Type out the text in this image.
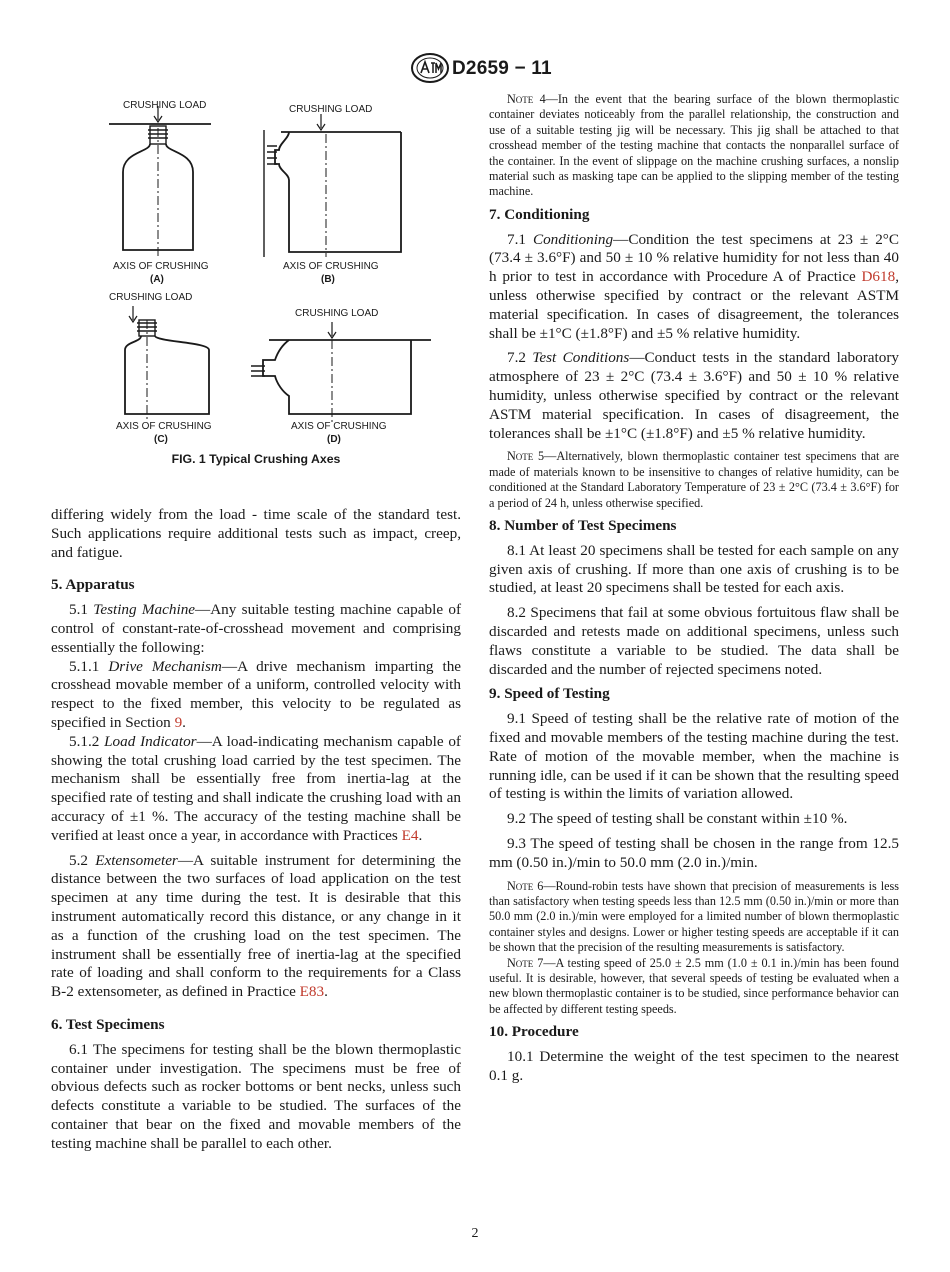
D2659 − 11
CRUSHING LOAD	CRUSHING LOAD
CRUSHING LOAD
CRUSHING LOAD
AXIS OF CRUSHING
(A)
AXIS OF CRUSHING
(B)
AXIS OF CRUSHING
(C)
AXIS OF CRUSHING
(D)
FIG. 1 Typical Crushing Axes

differing widely from the load - time scale of the standard test. Such applications require additional tests such as impact, creep, and fatigue.

5. Apparatus

5.1 Testing Machine—Any suitable testing machine capable of control of constant-rate-of-crosshead movement and comprising essentially the following:

5.1.1 Drive Mechanism—A drive mechanism imparting the crosshead movable member of a uniform, controlled velocity with respect to the fixed member, this velocity to be regulated as specified in Section 9.

5.1.2 Load Indicator—A load-indicating mechanism capable of showing the total crushing load carried by the test specimen. The mechanism shall be essentially free from inertia-lag at the specified rate of testing and shall indicate the crushing load with an accuracy of ±1 %. The accuracy of the testing machine shall be verified at least once a year, in accordance with Practices E4.

5.2 Extensometer—A suitable instrument for determining the distance between the two surfaces of load application on the test specimen at any time during the test. It is desirable that this instrument automatically record this distance, or any change in it as a function of the crushing load on the test specimen. The instrument shall be essentially free of inertia-lag at the specified rate of loading and shall conform to the requirements for a Class B-2 extensometer, as defined in Practice E83.

6. Test Specimens

6.1 The specimens for testing shall be the blown thermoplastic container under investigation. The specimens must be free of obvious defects such as rocker bottoms or bent necks, unless such defects constitute a variable to be studied. The surfaces of the container that bear on the fixed and movable members of the testing machine shall be parallel to each other.

Note 4—In the event that the bearing surface of the blown thermoplastic container deviates noticeably from the parallel relationship, the construction and use of a suitable testing jig will be necessary. This jig shall be attached to that crosshead member of the testing machine that contacts the nonparallel surface of the container. In the event of slippage on the machine crushing surfaces, a nonslip material such as masking tape can be applied to the slipping member of the testing machine.

7. Conditioning

7.1 Conditioning—Condition the test specimens at 23 ± 2°C (73.4 ± 3.6°F) and 50 ± 10 % relative humidity for not less than 40 h prior to test in accordance with Procedure A of Practice D618, unless otherwise specified by contract or the relevant ASTM material specification. In cases of disagreement, the tolerances shall be ±1°C (±1.8°F) and ±5 % relative humidity.

7.2 Test Conditions—Conduct tests in the standard laboratory atmosphere of 23 ± 2°C (73.4 ± 3.6°F) and 50 ± 10 % relative humidity, unless otherwise specified by contract or the relevant ASTM material specification. In cases of disagreement, the tolerances shall be ±1°C (±1.8°F) and ±5 % relative humidity.

Note 5—Alternatively, blown thermoplastic container test specimens that are made of materials known to be insensitive to changes of relative humidity, can be conditioned at the Standard Laboratory Temperature of 23 ± 2°C (73.4 ± 3.6°F) for a period of 24 h, unless otherwise specified.

8. Number of Test Specimens

8.1 At least 20 specimens shall be tested for each sample on any given axis of crushing. If more than one axis of crushing is to be studied, at least 20 specimens shall be tested for each axis.

8.2 Specimens that fail at some obvious fortuitous flaw shall be discarded and retests made on additional specimens, unless such flaws constitute a variable to be studied. The data shall be discarded and the number of rejected specimens noted.

9. Speed of Testing

9.1 Speed of testing shall be the relative rate of motion of the fixed and movable members of the testing machine during the test. Rate of motion of the movable member, when the machine is running idle, can be used if it can be shown that the resulting speed of testing is within the limits of variation allowed.

9.2 The speed of testing shall be constant within ±10 %.

9.3 The speed of testing shall be chosen in the range from 12.5 mm (0.50 in.)/min to 50.0 mm (2.0 in.)/min.

Note 6—Round-robin tests have shown that precision of measurements is less than satisfactory when testing speeds less than 12.5 mm (0.50 in.)/min or more than 50.0 mm (2.0 in.)/min were employed for a limited number of blown thermoplastic container styles and designs. Lower or higher testing speeds are acceptable if it can be shown that the precision of the resulting measurements is satisfactory.

Note 7—A testing speed of 25.0 ± 2.5 mm (1.0 ± 0.1 in.)/min has been found useful. It is desirable, however, that several speeds of testing be evaluated when a new blown thermoplastic container is to be studied, since performance behavior can be affected by different testing speeds.

10. Procedure

10.1 Determine the weight of the test specimen to the nearest 0.1 g.

2
